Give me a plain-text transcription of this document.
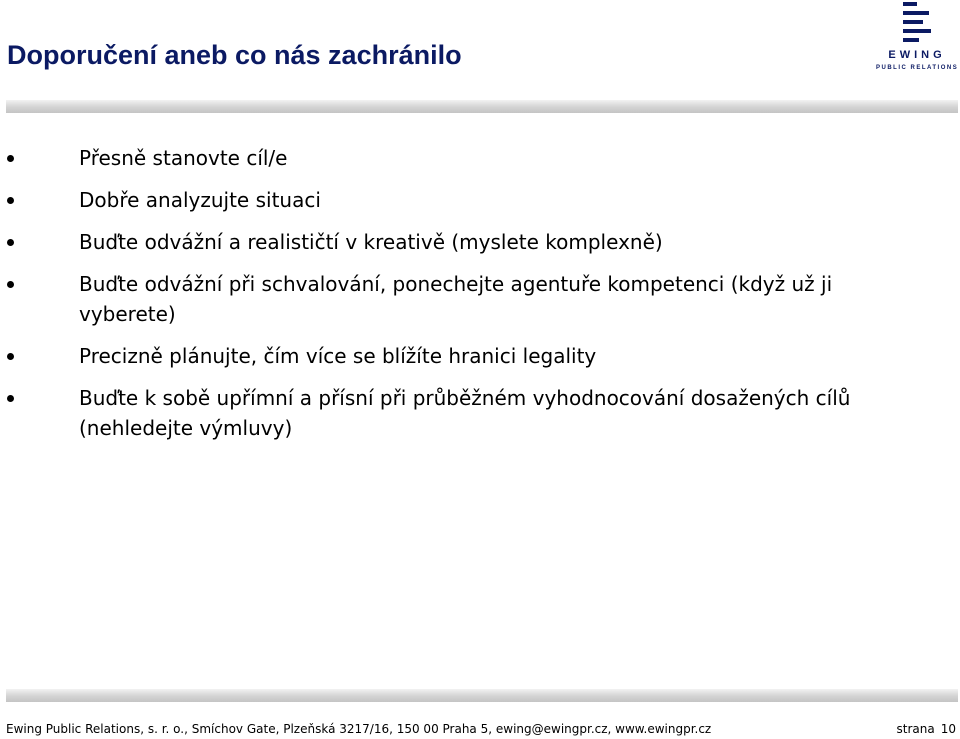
Doporučení aneb co nás zachránilo	EWING
PUBLIC RELATIONS
Přesně stanovte cíl/e
Dobře analyzujte situaci
Buďte odvážní a realističtí v kreativě (myslete komplexně)
Buďte odvážní při schvalování, ponechejte agentuře kompetenci (když už ji vyberete)
Precizně plánujte, čím více se blížíte hranici legality
Buďte k sobě upřímní a přísní při průběžném vyhodnocování dosažených cílů (nehledejte výmluvy)
Ewing Public Relations, s. r. o., Smíchov Gate, Plzeňská 3217/16, 150 00 Praha 5, ewing@ewingpr.cz, www.ewingpr.cz	strana 10
